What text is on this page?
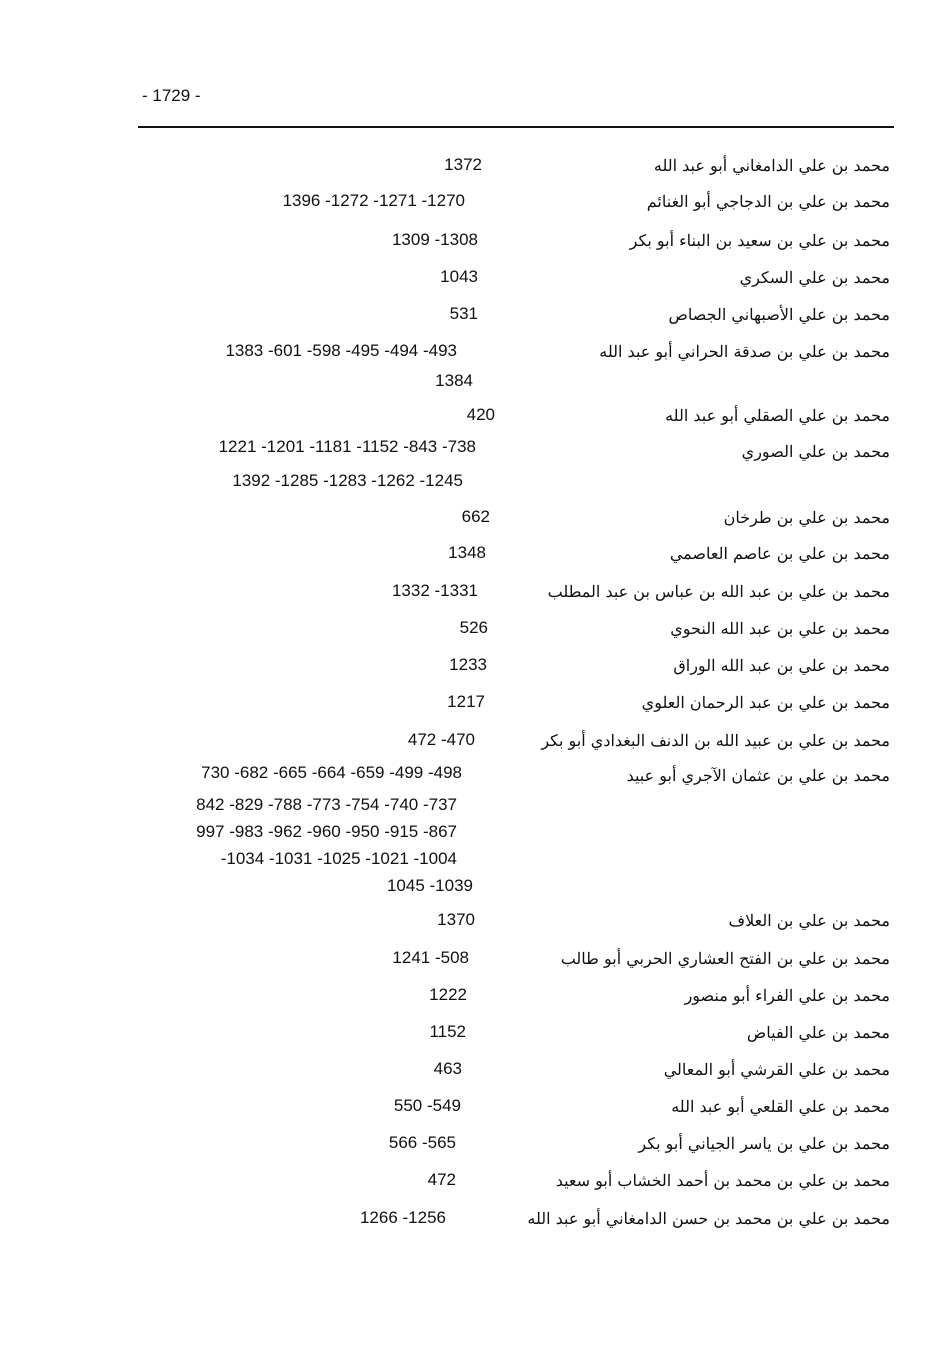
- 1729 -
محمد بن علي الدامغاني أبو عبد الله
1372
محمد بن علي بن الدجاجي أبو الغنائم
1396 -1272 -1271 -1270
محمد بن علي بن سعيد بن البناء أبو بكر
1309 -1308
محمد بن علي السكري
1043
محمد بن علي الأصبهاني الجصاص
531
محمد بن علي بن صدقة الحراني أبو عبد الله
1383 -601 -598 -495 -494 -493
1384
محمد بن علي الصقلي أبو عبد الله
420
محمد بن علي الصوري
1221 -1201 -1181 -1152 -843 -738
1392 -1285 -1283 -1262 -1245
محمد بن علي بن طرخان
662
محمد بن علي بن عاصم العاصمي
1348
محمد بن علي بن عبد الله بن عباس بن عبد المطلب
1332 -1331
محمد بن علي بن عبد الله النحوي
526
محمد بن علي بن عبد الله الوراق
1233
محمد بن علي بن عبد الرحمان العلوي
1217
محمد بن علي بن عبيد الله بن الدنف البغدادي أبو بكر
472 -470
محمد بن علي بن عثمان الآجري أبو عبيد
730 -682 -665 -664 -659 -499 -498
842 -829 -788 -773 -754 -740 -737
997 -983 -962 -960 -950 -915 -867
-1034 -1031 -1025 -1021 -1004
1045 -1039
محمد بن علي بن العلاف
1370
محمد بن علي بن الفتح العشاري الحربي أبو طالب
1241 -508
محمد بن علي الفراء أبو منصور
1222
محمد بن علي الفياض
1152
محمد بن علي القرشي أبو المعالي
463
محمد بن علي القلعي أبو عبد الله
550 -549
محمد بن علي بن ياسر الجياني أبو بكر
566 -565
محمد بن علي بن محمد بن أحمد الخشاب أبو سعيد
472
محمد بن علي بن محمد بن حسن الدامغاني أبو عبد الله
1266 -1256
